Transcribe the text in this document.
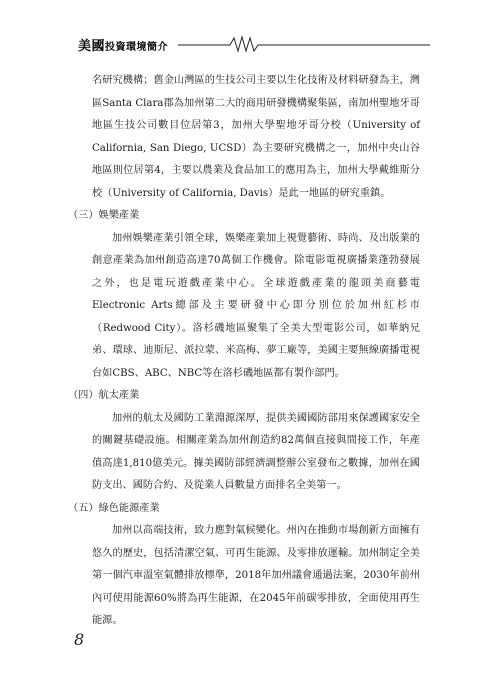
美國投資環境簡介

名研究機構；舊金山灣區的生技公司主要以生化技術及材料研發為主，灣區Santa Clara郡為加州第二大的商用研發機構聚集區，南加州聖地牙哥地區生技公司數目位居第3，加州大學聖地牙哥分校（University of California, San Diego, UCSD）為主要研究機構之一，加州中央山谷地區則位居第4，主要以農業及食品加工的應用為主，加州大學戴維斯分校（University of California, Davis）是此一地區的研究重鎮。

（三）娛樂產業

加州娛樂產業引領全球，娛樂產業加上視覺藝術、時尚、及出版業的創意產業為加州創造高達70萬個工作機會。除電影電視廣播業蓬勃發展之外，也是電玩遊戲產業中心。全球遊戲產業的龍頭美商藝電Electronic Arts總部及主要研發中心即分別位於加州紅杉市（Redwood City）。洛杉磯地區聚集了全美大型電影公司，如華納兄弟、環球、迪斯尼、派拉蒙、米高梅、夢工廠等，美國主要無線廣播電視台如CBS、ABC、NBC等在洛杉磯地區都有製作部門。

（四）航太產業

加州的航太及國防工業淵源深厚，提供美國國防部用來保護國家安全的關鍵基礎設施。相關產業為加州創造約82萬個直接與間接工作，年產值高達1,810億美元。據美國防部經濟調整辦公室發布之數據，加州在國防支出、國防合約、及從業人員數量方面排名全美第一。

（五）綠色能源產業

加州以高端技術，致力應對氣候變化。州內在推動市場創新方面擁有悠久的歷史，包括清潔空氣、可再生能源、及零排放運輸。加州制定全美第一個汽車溫室氣體排放標準，2018年加州議會通過法案，2030年前州內可使用能源60%將為再生能源，在2045年前碳零排放，全面使用再生能源。

8
